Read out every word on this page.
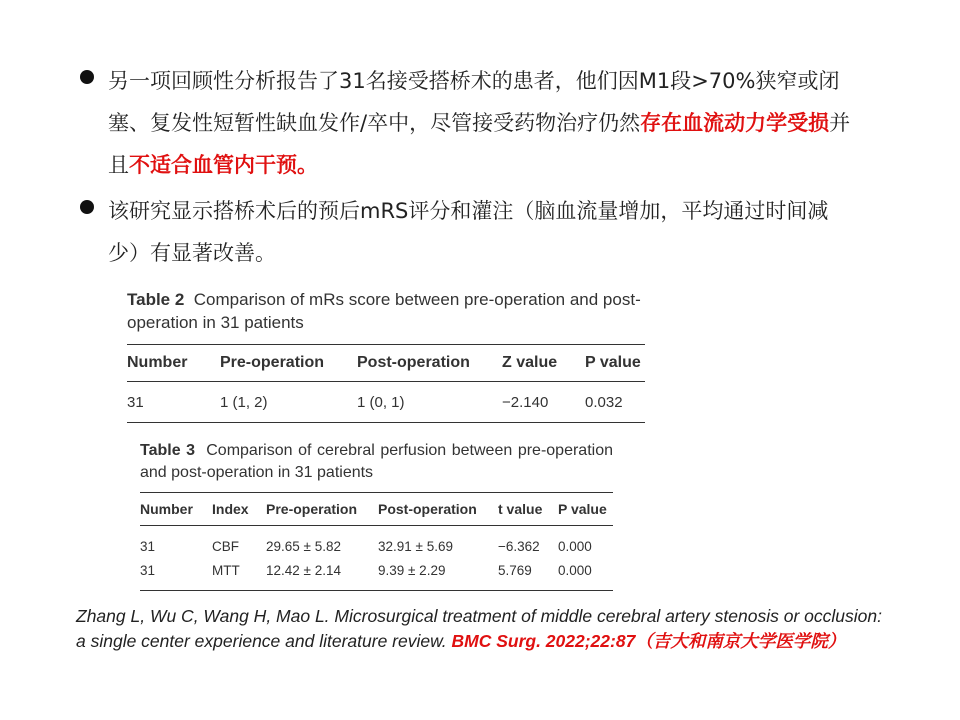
另一项回顾性分析报告了31名接受搭桥术的患者，他们因M1段>70%狭窄或闭塞、复发性短暂性缺血发作/卒中，尽管接受药物治疗仍然存在血流动力学受损并且不适合血管内干预。
该研究显示搭桥术后的预后mRS评分和灌注（脑血流量增加，平均通过时间减少）有显著改善。
Table 2 Comparison of mRs score between pre-operation and post-operation in 31 patients
Number	Pre-operation	Post-operation	Z value	P value
31	1 (1, 2)	1 (0, 1)	−2.140	0.032
Table 3 Comparison of cerebral perfusion between pre-operation and post-operation in 31 patients
Number	Index	Pre-operation	Post-operation	t value	P value
31	CBF	29.65 ± 5.82	32.91 ± 5.69	−6.362	0.000
31	MTT	12.42 ± 2.14	9.39 ± 2.29	5.769	0.000
Zhang L, Wu C, Wang H, Mao L. Microsurgical treatment of middle cerebral artery stenosis or occlusion: a single center experience and literature review. BMC Surg. 2022;22:87（吉大和南京大学医学院）
